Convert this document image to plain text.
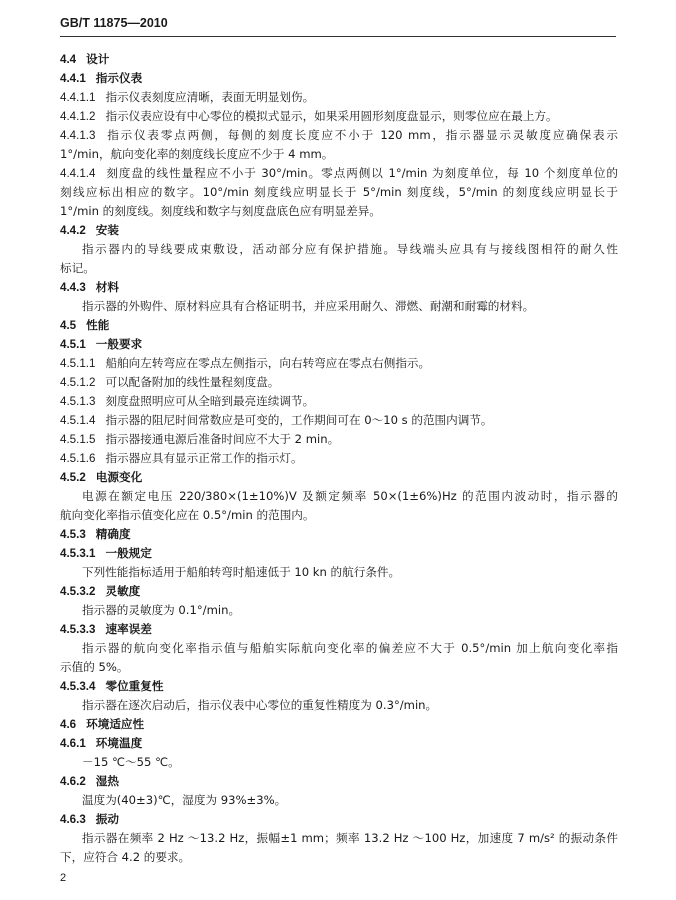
GB/T 11875—2010
4.4 设计
4.4.1 指示仪表
4.4.1.1 指示仪表刻度应清晰，表面无明显划伤。
4.4.1.2 指示仪表应设有中心零位的模拟式显示，如果采用圆形刻度盘显示，则零位应在最上方。
4.4.1.3 指示仪表零点两侧，每侧的刻度长度应不小于 120 mm，指示器显示灵敏度应确保表示
1°/min，航向变化率的刻度线长度应不少于 4 mm。
4.4.1.4 刻度盘的线性量程应不小于 30°/min。零点两侧以 1°/min 为刻度单位，每 10 个刻度单位的
刻线应标出相应的数字。10°/min 刻度线应明显长于 5°/min 刻度线，5°/min 的刻度线应明显长于
1°/min 的刻度线。刻度线和数字与刻度盘底色应有明显差异。
4.4.2 安装
指示器内的导线要成束敷设，活动部分应有保护措施。导线端头应具有与接线图相符的耐久性
标记。
4.4.3 材料
指示器的外购件、原材料应具有合格证明书，并应采用耐久、滞燃、耐潮和耐霉的材料。
4.5 性能
4.5.1 一般要求
4.5.1.1 船舶向左转弯应在零点左侧指示，向右转弯应在零点右侧指示。
4.5.1.2 可以配备附加的线性量程刻度盘。
4.5.1.3 刻度盘照明应可从全暗到最亮连续调节。
4.5.1.4 指示器的阻尼时间常数应是可变的，工作期间可在 0～10 s 的范围内调节。
4.5.1.5 指示器接通电源后准备时间应不大于 2 min。
4.5.1.6 指示器应具有显示正常工作的指示灯。
4.5.2 电源变化
电源在额定电压 220/380×(1±10%)V 及额定频率 50×(1±6%)Hz 的范围内波动时，指示器的
航向变化率指示值变化应在 0.5°/min 的范围内。
4.5.3 精确度
4.5.3.1 一般规定
下列性能指标适用于船舶转弯时船速低于 10 kn 的航行条件。
4.5.3.2 灵敏度
指示器的灵敏度为 0.1°/min。
4.5.3.3 速率误差
指示器的航向变化率指示值与船舶实际航向变化率的偏差应不大于 0.5°/min 加上航向变化率指
示值的 5%。
4.5.3.4 零位重复性
指示器在逐次启动后，指示仪表中心零位的重复性精度为 0.3°/min。
4.6 环境适应性
4.6.1 环境温度
－15 ℃～55 ℃。
4.6.2 湿热
温度为(40±3)℃，湿度为 93%±3%。
4.6.3 振动
指示器在频率 2 Hz ～13.2 Hz，振幅±1 mm；频率 13.2 Hz ～100 Hz，加速度 7 m/s² 的振动条件
下，应符合 4.2 的要求。
2
